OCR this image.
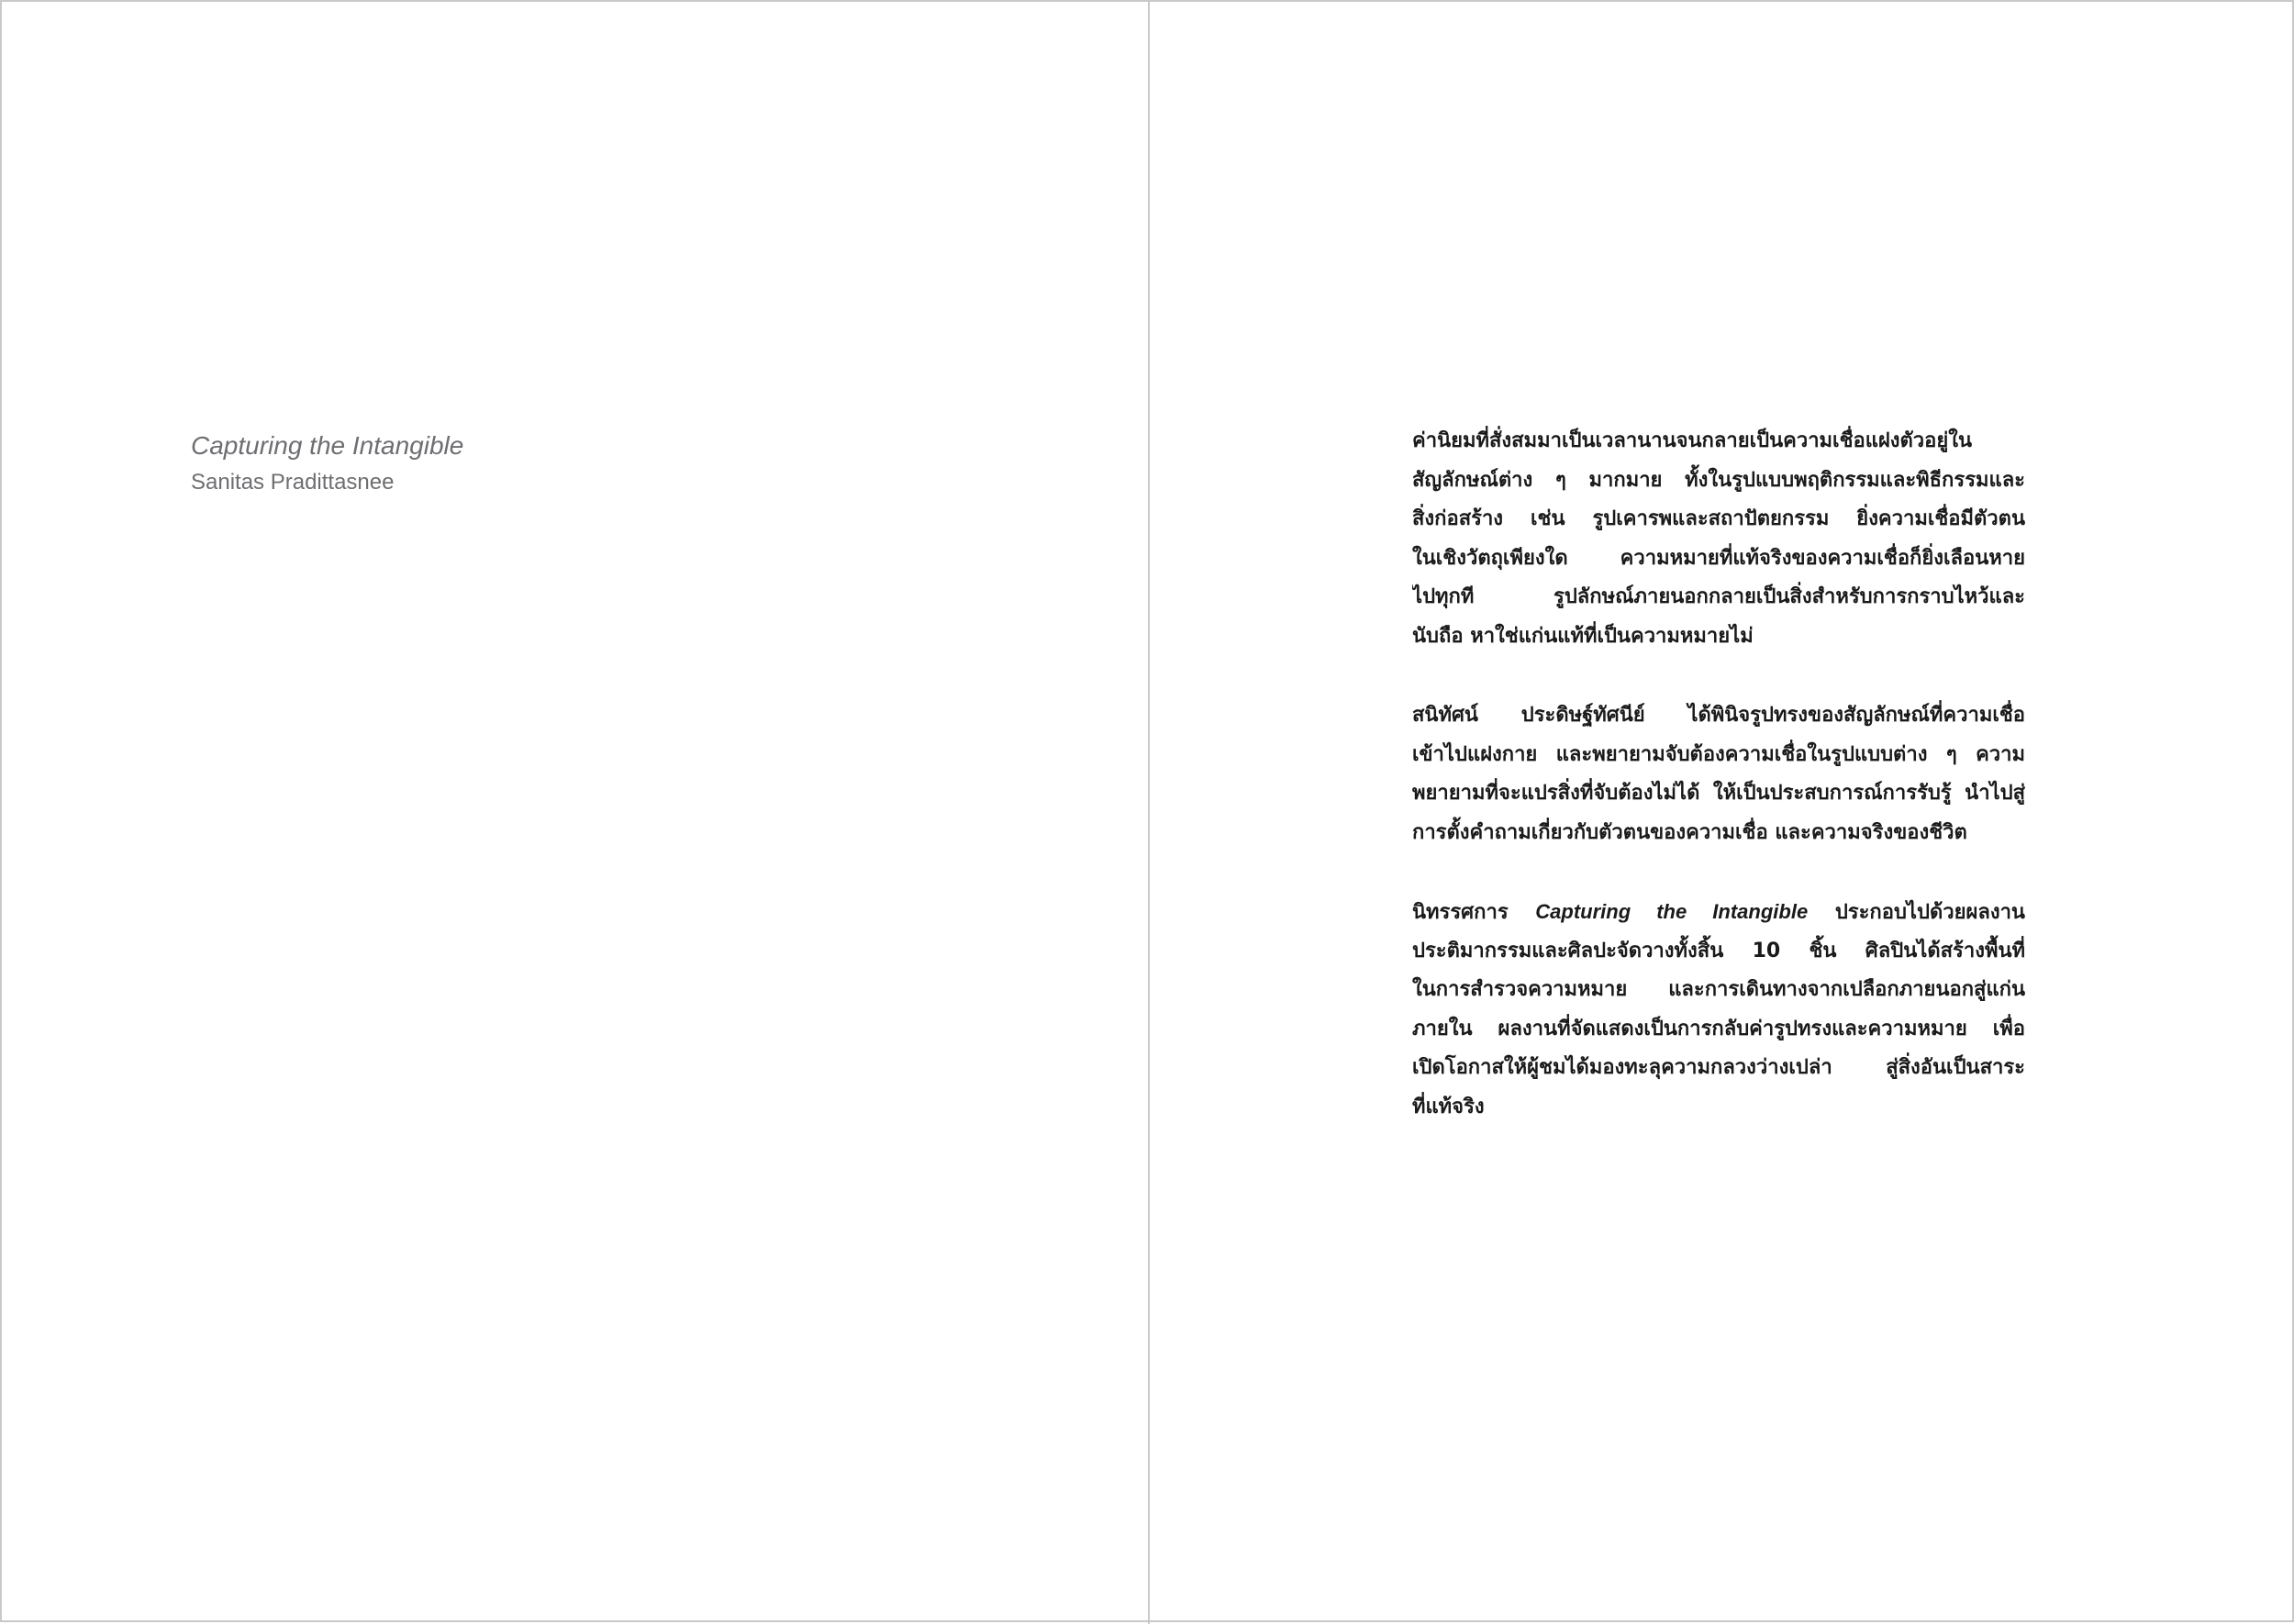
Capturing the Intangible
Sanitas Pradittasnee
ค่านิยมที่สั่งสมมาเป็นเวลานานจนกลายเป็นความเชื่อแฝงตัวอยู่ใน
สัญลักษณ์ต่าง ๆ มากมาย ทั้งในรูปแบบพฤติกรรมและพิธีกรรมและ
สิ่งก่อสร้าง เช่น รูปเคารพและสถาปัตยกรรม ยิ่งความเชื่อมีตัวตน
ในเชิงวัตถุเพียงใด ความหมายที่แท้จริงของความเชื่อก็ยิ่งเลือนหาย
ไปทุกที รูปลักษณ์ภายนอกกลายเป็นสิ่งสำหรับการกราบไหว้และ
นับถือ หาใช่แก่นแท้ที่เป็นความหมายไม่
สนิทัศน์ ประดิษฐ์ทัศนีย์ ได้พินิจรูปทรงของสัญลักษณ์ที่ความเชื่อ
เข้าไปแฝงกาย และพยายามจับต้องความเชื่อในรูปแบบต่าง ๆ ความ
พยายามที่จะแปรสิ่งที่จับต้องไม่ได้ ให้เป็นประสบการณ์การรับรู้ นำไปสู่
การตั้งคำถามเกี่ยวกับตัวตนของความเชื่อ และความจริงของชีวิต
นิทรรศการ Capturing the Intangible ประกอบไปด้วยผลงาน
ประติมากรรมและศิลปะจัดวางทั้งสิ้น 10 ชิ้น ศิลปินได้สร้างพื้นที่
ในการสำรวจความหมาย และการเดินทางจากเปลือกภายนอกสู่แก่น
ภายใน ผลงานที่จัดแสดงเป็นการกลับค่ารูปทรงและความหมาย เพื่อ
เปิดโอกาสให้ผู้ชมได้มองทะลุความกลวงว่างเปล่า สู่สิ่งอันเป็นสาระ
ที่แท้จริง
